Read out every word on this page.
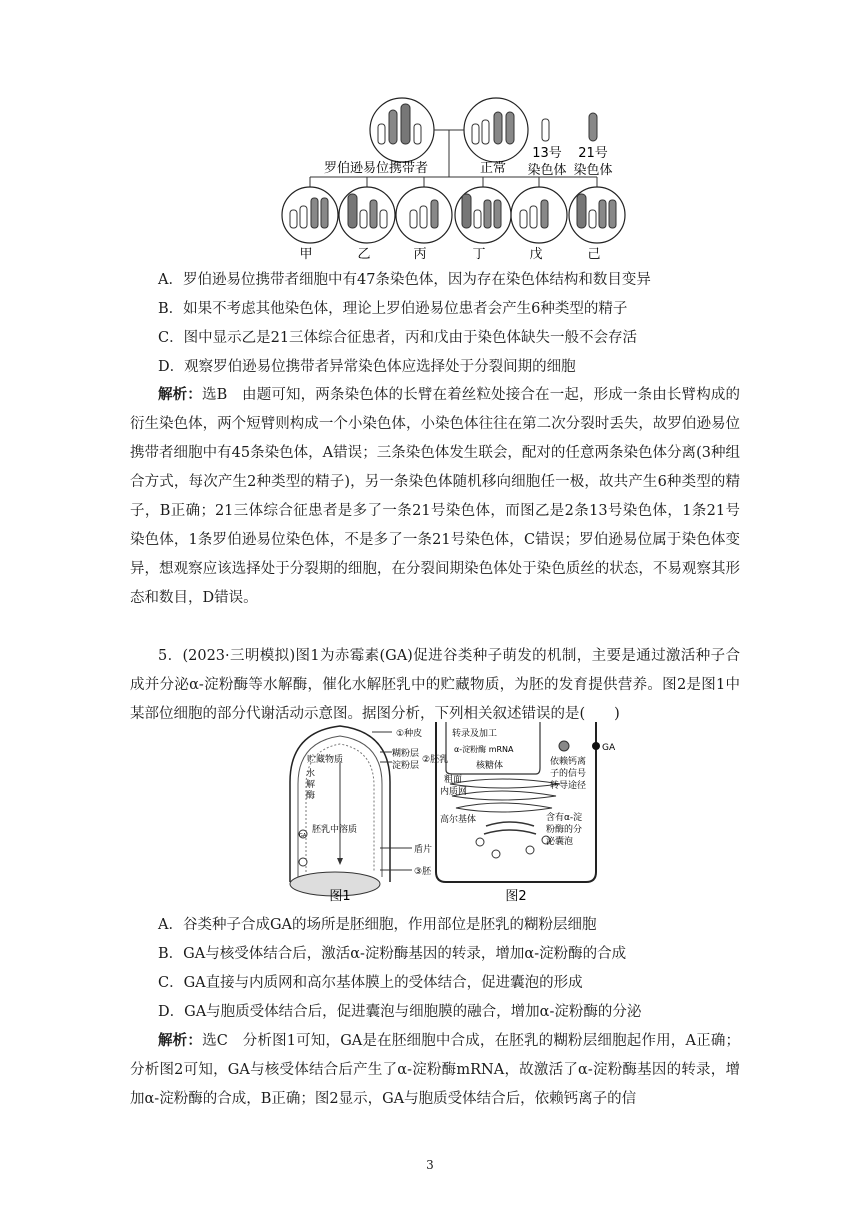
罗伯逊易位携带者	正常
13号
染色体
21号
染色体
甲	乙	丙	丁	戊	己

A．罗伯逊易位携带者细胞中有47条染色体，因为存在染色体结构和数目变异

B．如果不考虑其他染色体，理论上罗伯逊易位患者会产生6种类型的精子

C．图中显示乙是21三体综合征患者，丙和戊由于染色体缺失一般不会存活

D．观察罗伯逊易位携带者异常染色体应选择处于分裂间期的细胞

解析：选B　由题可知，两条染色体的长臂在着丝粒处接合在一起，形成一条由长臂构成的衍生染色体，两个短臂则构成一个小染色体，小染色体往往在第二次分裂时丢失，故罗伯逊易位携带者细胞中有45条染色体，A错误；三条染色体发生联会，配对的任意两条染色体分离(3种组合方式，每次产生2种类型的精子)，另一条染色体随机移向细胞任一极，故共产生6种类型的精子，B正确；21三体综合征患者是多了一条21号染色体，而图乙是2条13号染色体，1条21号染色体，1条罗伯逊易位染色体，不是多了一条21号染色体，C错误；罗伯逊易位属于染色体变异，想观察应该选择处于分裂期的细胞，在分裂间期染色体处于染色质丝的状态，不易观察其形态和数目，D错误。

5．(2023·三明模拟)图1为赤霉素(GA)促进谷类种子萌发的机制，主要是通过激活种子合成并分泌α-淀粉酶等水解酶，催化水解胚乳中的贮藏物质，为胚的发育提供营养。图2是图1中某部位细胞的部分代谢活动示意图。据图分析，下列相关叙述错误的是(　　)

①种皮
糊粉层
淀粉层
②胚乳
贮藏物质
水
解
酶
胚乳中溶质
盾片
③胚
GA
图1
转录及加工
α-淀粉酶 mRNA
核糖体
粗面
内质网
高尔基体
依赖钙离
子的信号
转导途径
含有α-淀
粉酶的分
泌囊泡
GA
图2

A．谷类种子合成GA的场所是胚细胞，作用部位是胚乳的糊粉层细胞

B．GA与核受体结合后，激活α-淀粉酶基因的转录，增加α-淀粉酶的合成

C．GA直接与内质网和高尔基体膜上的受体结合，促进囊泡的形成

D．GA与胞质受体结合后，促进囊泡与细胞膜的融合，增加α-淀粉酶的分泌

解析：选C　分析图1可知，GA是在胚细胞中合成，在胚乳的糊粉层细胞起作用，A正确；分析图2可知，GA与核受体结合后产生了α-淀粉酶mRNA，故激活了α-淀粉酶基因的转录，增加α-淀粉酶的合成，B正确；图2显示，GA与胞质受体结合后，依赖钙离子的信

3
